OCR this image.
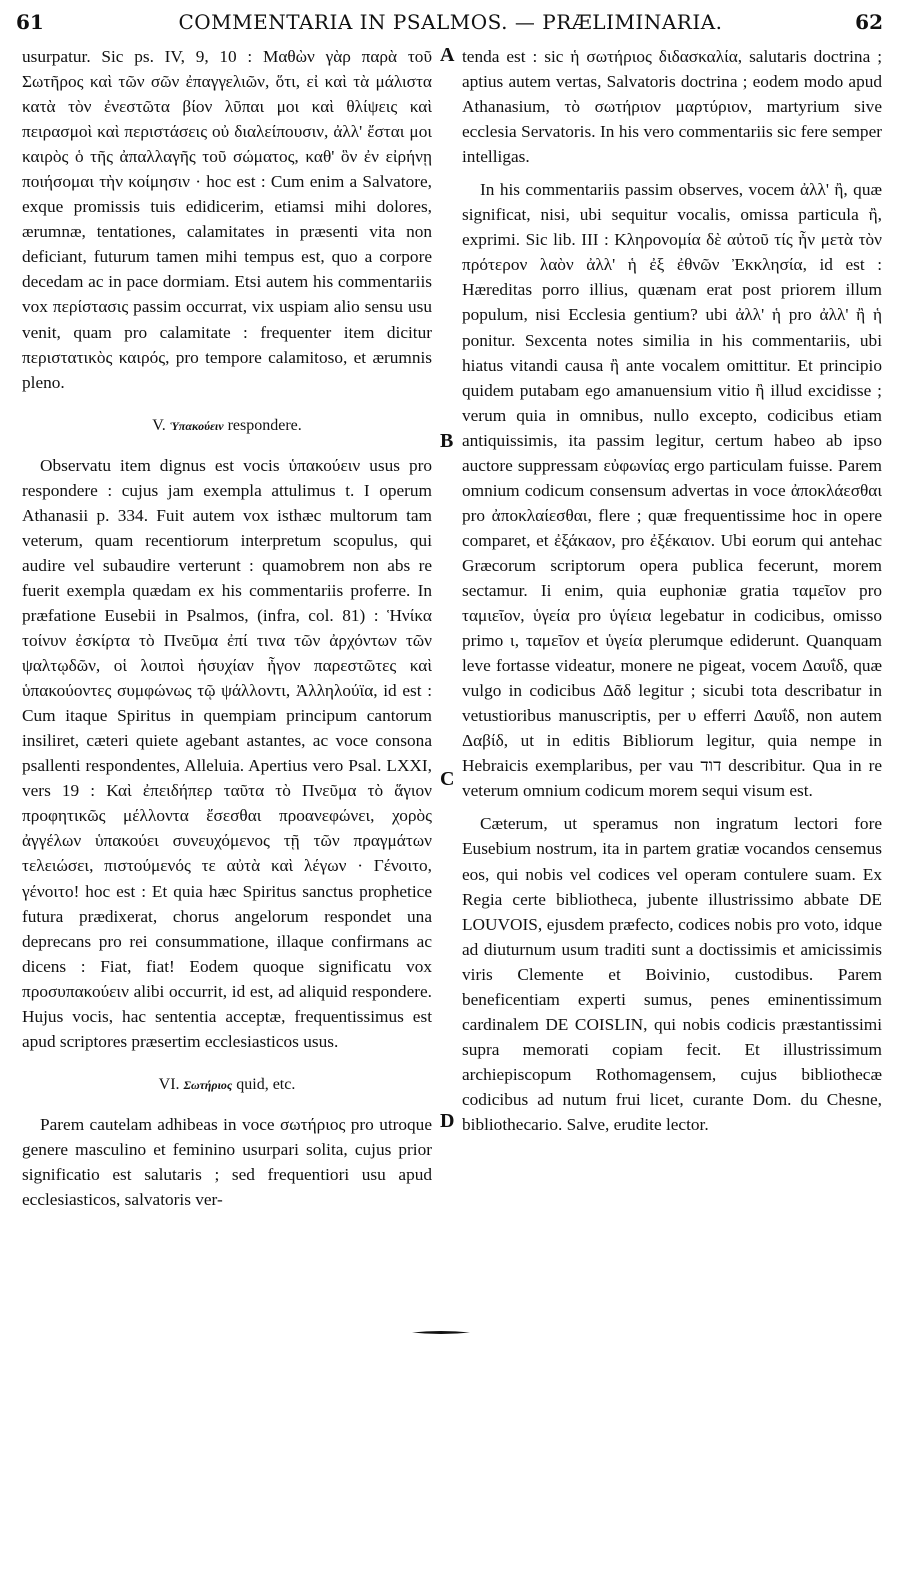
61	COMMENTARIA IN PSALMOS. — PRÆLIMINARIA.	62

usurpatur. Sic ps. IV, 9, 10 : Μαθὼν γὰρ παρὰ τοῦ Σωτῆρος καὶ τῶν σῶν ἐπαγγελιῶν, ὅτι, εἰ καὶ τὰ μάλιστα κατὰ τὸν ἐνεστῶτα βίον λῦπαι μοι καὶ θλίψεις καὶ πειρασμοὶ καὶ περιστάσεις οὐ διαλείπουσιν, ἀλλ' ἔσται μοι καιρὸς ὁ τῆς ἀπαλλαγῆς τοῦ σώματος, καθ' ὃν ἐν εἰρήνῃ ποιήσομαι τὴν κοίμησιν · hoc est : Cum enim a Salvatore, exque promissis tuis edidicerim, etiamsi mihi dolores, ærumnæ, tentationes, calamitates in præsenti vita non deficiant, futurum tamen mihi tempus est, quo a corpore decedam ac in pace dormiam. Etsi autem his commentariis vox περίστασις passim occurrat, vix uspiam alio sensu usu venit, quam pro calamitate : frequenter item dicitur περιστατικὸς καιρός, pro tempore calamitoso, et ærumnis pleno.

V. Ὑπακούειν respondere.

Observatu item dignus est vocis ὑπακούειν usus pro respondere : cujus jam exempla attulimus t. I operum Athanasii p. 334. Fuit autem vox isthæc multorum tam veterum, quam recentiorum interpretum scopulus, qui audire vel subaudire verterunt : quamobrem non abs re fuerit exempla quædam ex his commentariis proferre. In præfatione Eusebii in Psalmos, (infra, col. 81) : Ἡνίκα τοίνυν ἐσκίρτα τὸ Πνεῦμα ἐπί τινα τῶν ἀρχόντων τῶν ψαλτῳδῶν, οἱ λοιποὶ ἡσυχίαν ἦγον παρεστῶτες καὶ ὑπακούοντες συμφώνως τῷ ψάλλοντι, Ἀλληλούϊα, id est : Cum itaque Spiritus in quempiam principum cantorum insiliret, cæteri quiete agebant astantes, ac voce consona psallenti respondentes, Alleluia. Apertius vero Psal. LXXI, vers 19 : Καὶ ἐπειδήπερ ταῦτα τὸ Πνεῦμα τὸ ἅγιον προφητικῶς μέλλοντα ἔσεσθαι προανεφώνει, χορὸς ἀγγέλων ὑπακούει συνευχόμενος τῇ τῶν πραγμάτων τελειώσει, πιστούμενός τε αὐτὰ καὶ λέγων · Γένοιτο, γένοιτο! hoc est : Et quia hæc Spiritus sanctus prophetice futura prædixerat, chorus angelorum respondet una deprecans pro rei consummatione, illaque confirmans ac dicens : Fiat, fiat! Eodem quoque significatu vox προσυπακούειν alibi occurrit, id est, ad aliquid respondere. Hujus vocis, hac sententia acceptæ, frequentissimus est apud scriptores præsertim ecclesiasticos usus.

VI. Σωτήριος quid, etc.

Parem cautelam adhibeas in voce σωτήριος pro utroque genere masculino et feminino usurpari solita, cujus prior significatio est salutaris ; sed frequentiori usu apud ecclesiasticos, salvatoris ver-

A
B
C
D

tenda est : sic ἡ σωτήριος διδασκαλία, salutaris doctrina ; aptius autem vertas, Salvatoris doctrina ; eodem modo apud Athanasium, τὸ σωτήριον μαρτύριον, martyrium sive ecclesia Servatoris. In his vero commentariis sic fere semper intelligas.

In his commentariis passim observes, vocem ἀλλ' ἢ, quæ significat, nisi, ubi sequitur vocalis, omissa particula ἢ, exprimi. Sic lib. III : Κληρονομία δὲ αὐτοῦ τίς ἦν μετὰ τὸν πρότερον λαὸν ἀλλ' ἡ ἐξ ἐθνῶν Ἐκκλησία, id est : Hæreditas porro illius, quænam erat post priorem illum populum, nisi Ecclesia gentium? ubi ἀλλ' ἡ pro ἀλλ' ἢ ἡ ponitur. Sexcenta notes similia in his commentariis, ubi hiatus vitandi causa ἢ ante vocalem omittitur. Et principio quidem putabam ego amanuensium vitio ἢ illud excidisse ; verum quia in omnibus, nullo excepto, codicibus etiam antiquissimis, ita passim legitur, certum habeo ab ipso auctore suppressam εὐφωνίας ergo particulam fuisse. Parem omnium codicum consensum advertas in voce ἀποκλάεσθαι pro ἀποκλαίεσθαι, flere ; quæ frequentissime hoc in opere comparet, et ἐξάκαον, pro ἐξέκαιον. Ubi eorum qui antehac Græcorum scriptorum opera publica fecerunt, morem sectamur. Ii enim, quia euphoniæ gratia ταμεῖον pro ταμιεῖον, ὑγεία pro ὑγίεια legebatur in codicibus, omisso primo ι, ταμεῖον et ὑγεία plerumque ediderunt. Quanquam leve fortasse videatur, monere ne pigeat, vocem Δαυΐδ, quæ vulgo in codicibus Δᾶδ legitur ; sicubi tota describatur in vetustioribus manuscriptis, per υ efferri Δαυΐδ, non autem Δαβίδ, ut in editis Bibliorum legitur, quia nempe in Hebraicis exemplaribus, per vau דוד describitur. Qua in re veterum omnium codicum morem sequi visum est.

Cæterum, ut speramus non ingratum lectori fore Eusebium nostrum, ita in partem gratiæ vocandos censemus eos, qui nobis vel codices vel operam contulere suam. Ex Regia certe bibliotheca, jubente illustrissimo abbate DE LOUVOIS, ejusdem præfecto, codices nobis pro voto, idque ad diuturnum usum traditi sunt a doctissimis et amicissimis viris Clemente et Boivinio, custodibus. Parem beneficentiam experti sumus, penes eminentissimum cardinalem DE COISLIN, qui nobis codicis præstantissimi supra memorati copiam fecit. Et illustrissimum archiepiscopum Rothomagensem, cujus bibliothecæ codicibus ad nutum frui licet, curante Dom. du Chesne, bibliothecario. Salve, erudite lector.
